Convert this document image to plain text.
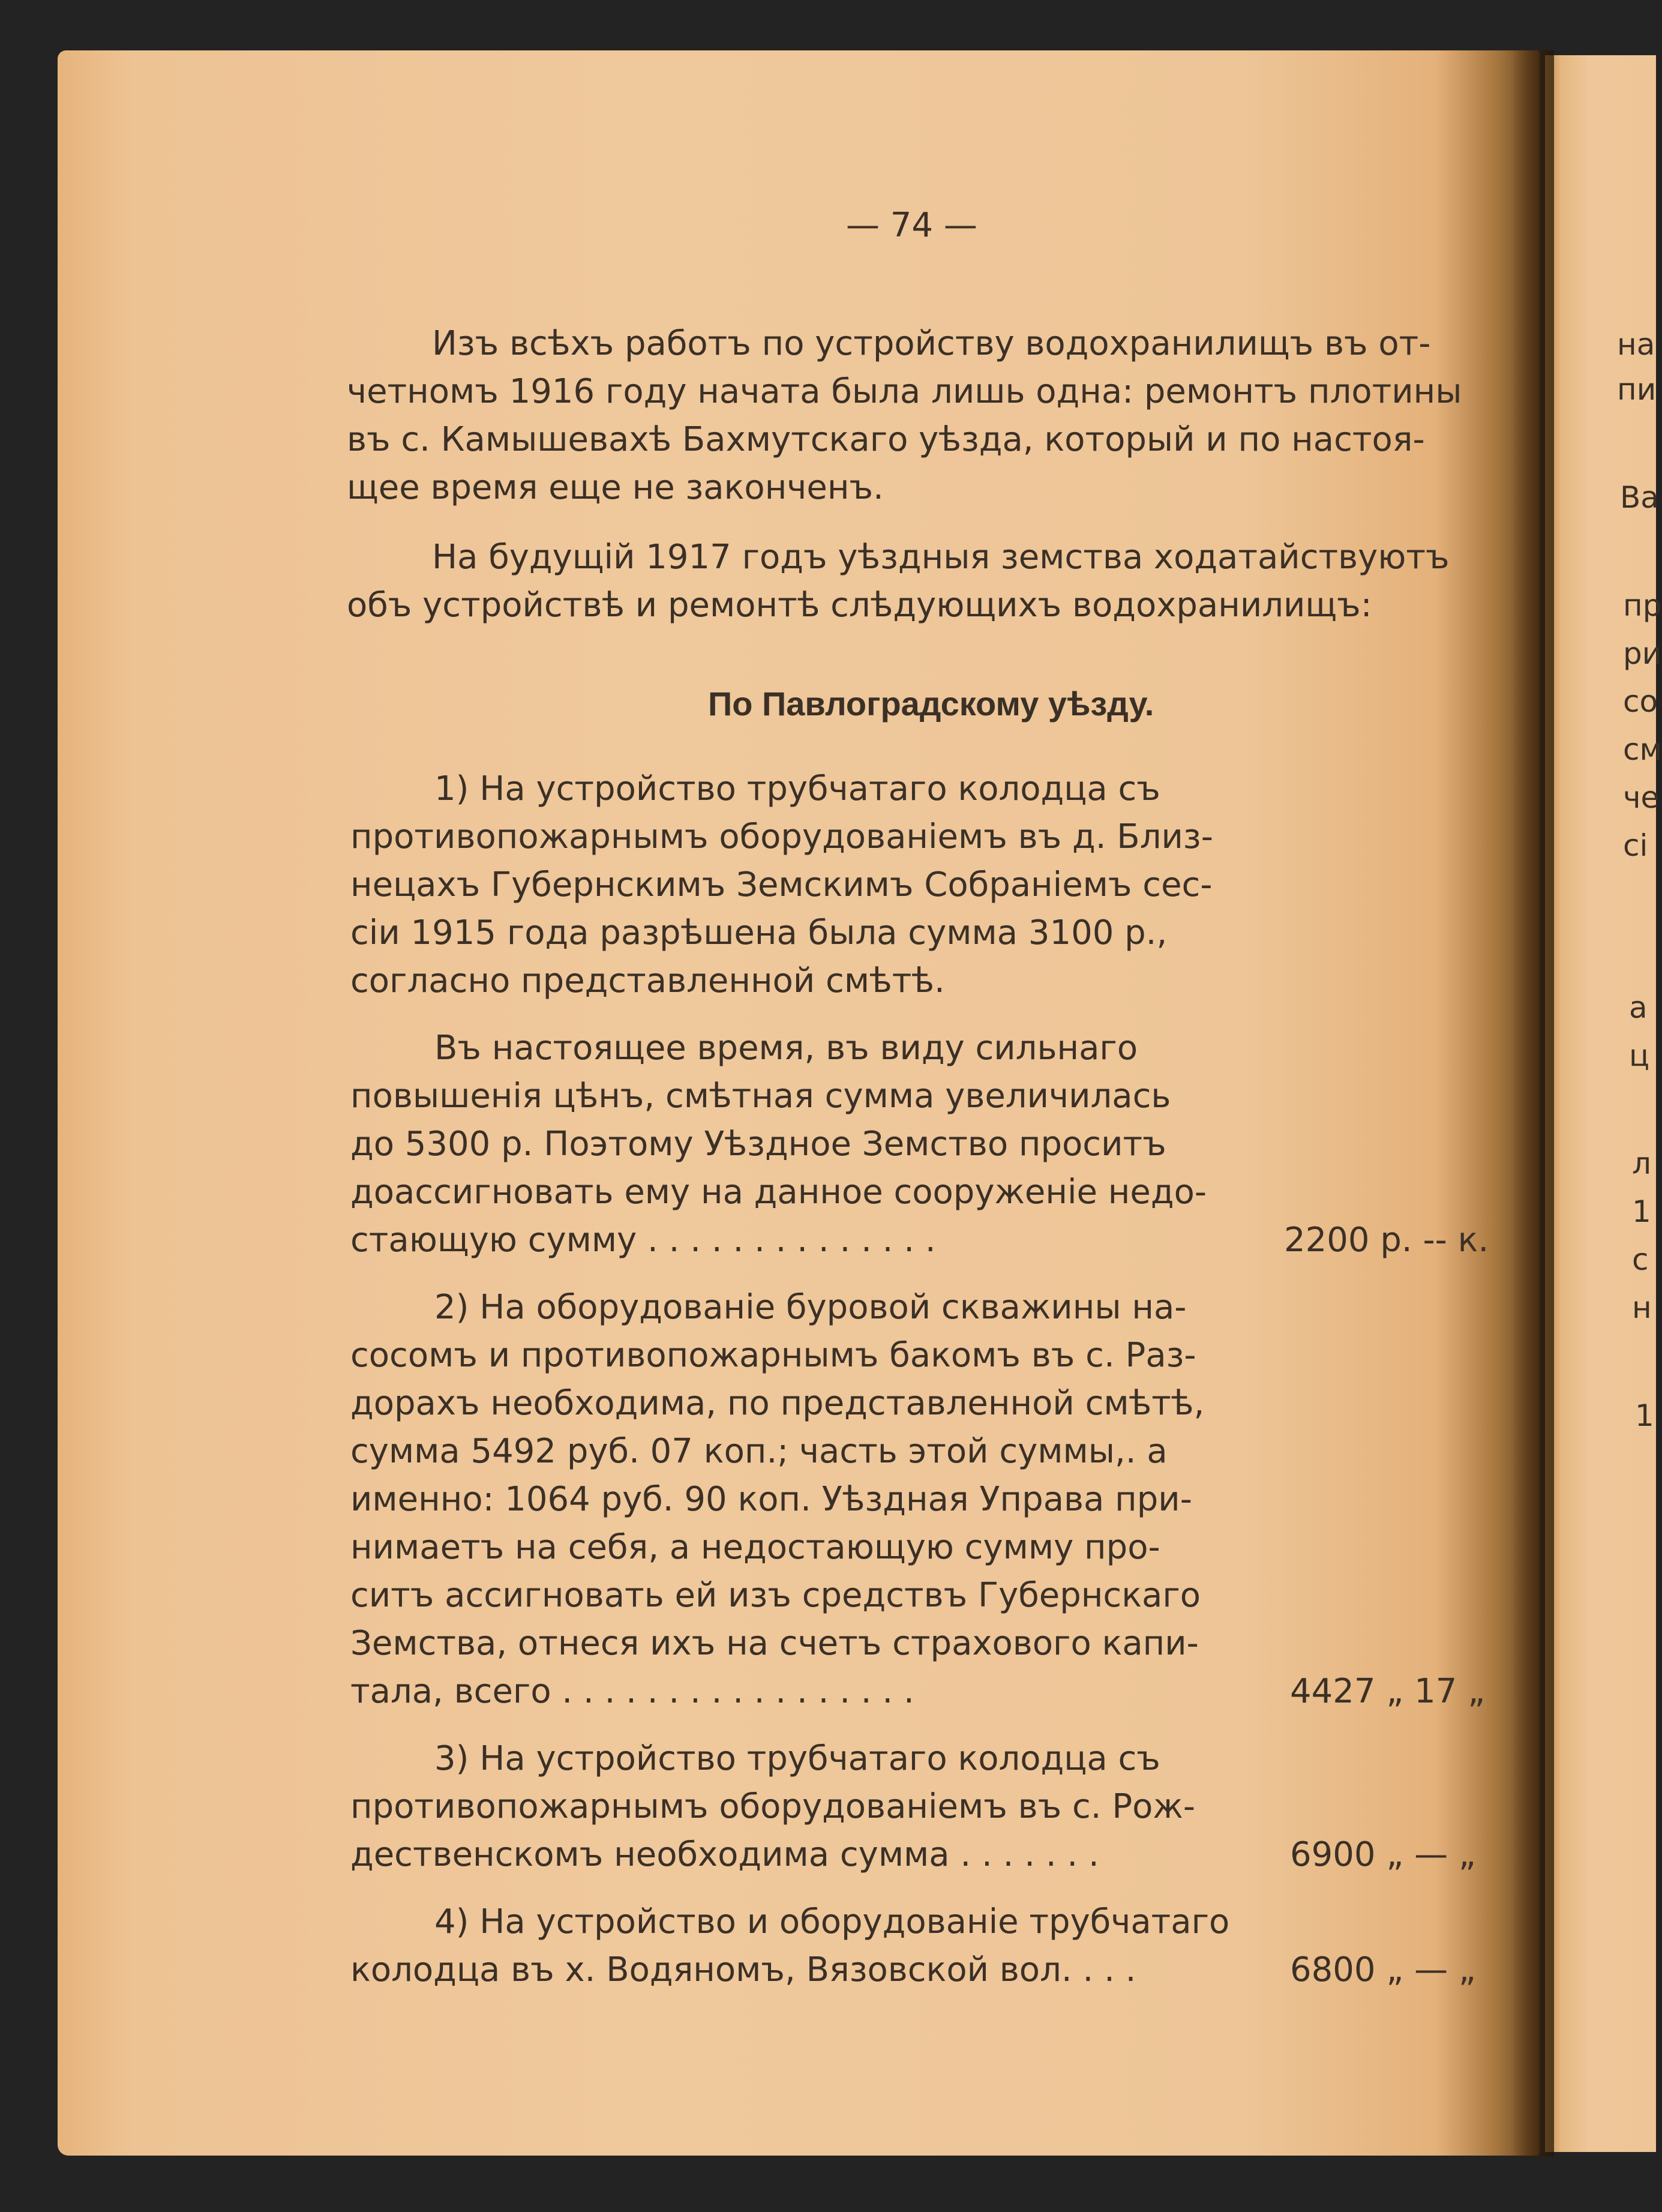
— 74 —
Изъ всѣхъ работъ по устройству водохранилищъ въ от-
четномъ 1916 году начата была лишь одна: ремонтъ плотины
въ с. Камышевахѣ Бахмутскаго уѣзда, который и по настоя-
щее время еще не законченъ.
На будущій 1917 годъ уѣздныя земства ходатайствуютъ
объ устройствѣ и ремонтѣ слѣдующихъ водохранилищъ:
По Павлоградскому уѣзду.
1) На устройство трубчатаго колодца съ
противопожарнымъ оборудованіемъ въ д. Близ-
нецахъ Губернскимъ Земскимъ Собраніемъ сес-
сіи 1915 года разрѣшена была сумма 3100 р.,
согласно представленной смѣтѣ.
Въ настоящее время, въ виду сильнаго
повышенія цѣнъ, смѣтная сумма увеличилась
до 5300 р. Поэтому Уѣздное Земство проситъ
доассигновать ему на данное сооруженіе недо-
стающую сумму . . . . . . . . . . . . . .	2200 р. -- к.
2) На оборудованіе буровой скважины на-
сосомъ и противопожарнымъ бакомъ въ с. Раз-
дорахъ необходима, по представленной смѣтѣ,
сумма 5492 руб. 07 коп.; часть этой суммы,. а
именно: 1064 руб. 90 коп. Уѣздная Управа при-
нимаетъ на себя, а недостающую сумму про-
ситъ ассигновать ей изъ средствъ Губернскаго
Земства, отнеся ихъ на счетъ страхового капи-
тала, всего . . . . . . . . . . . . . . . . .	4427 „ 17 „
3) На устройство трубчатаго колодца съ
противопожарнымъ оборудованіемъ въ с. Рож-
дественскомъ необходима сумма . . . . . . .	6900 „ — „
4) На устройство и оборудованіе трубчатаго
колодца въ х. Водяномъ, Вязовской вол. . . .	6800 „ — „
на
пи
Ва
пр
ри
со
см
че
сі
а
ц
л
1
с
н
1
